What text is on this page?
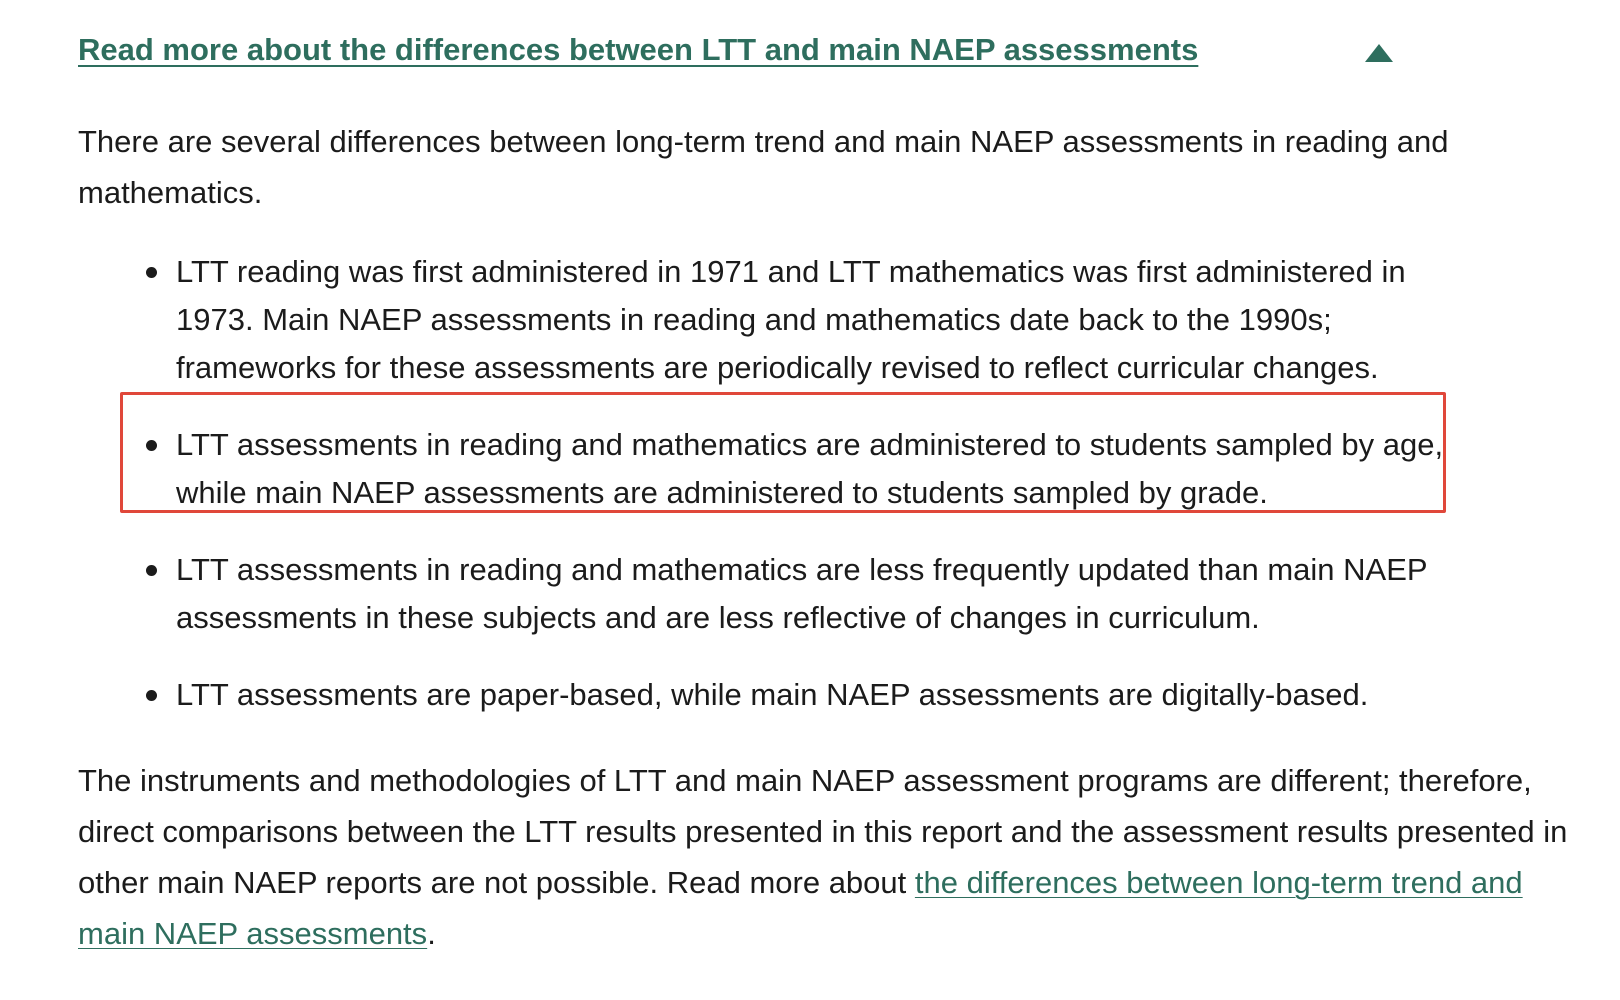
Read more about the differences between LTT and main NAEP assessments

There are several differences between long-term trend and main NAEP assessments in reading and mathematics.

LTT reading was first administered in 1971 and LTT mathematics was first administered in 1973. Main NAEP assessments in reading and mathematics date back to the 1990s; frameworks for these assessments are periodically revised to reflect curricular changes.
LTT assessments in reading and mathematics are administered to students sampled by age, while main NAEP assessments are administered to students sampled by grade.
LTT assessments in reading and mathematics are less frequently updated than main NAEP assessments in these subjects and are less reflective of changes in curriculum.
LTT assessments are paper-based, while main NAEP assessments are digitally-based.

The instruments and methodologies of LTT and main NAEP assessment programs are different; therefore, direct comparisons between the LTT results presented in this report and the assessment results presented in other main NAEP reports are not possible. Read more about the differences between long-term trend and main NAEP assessments.
